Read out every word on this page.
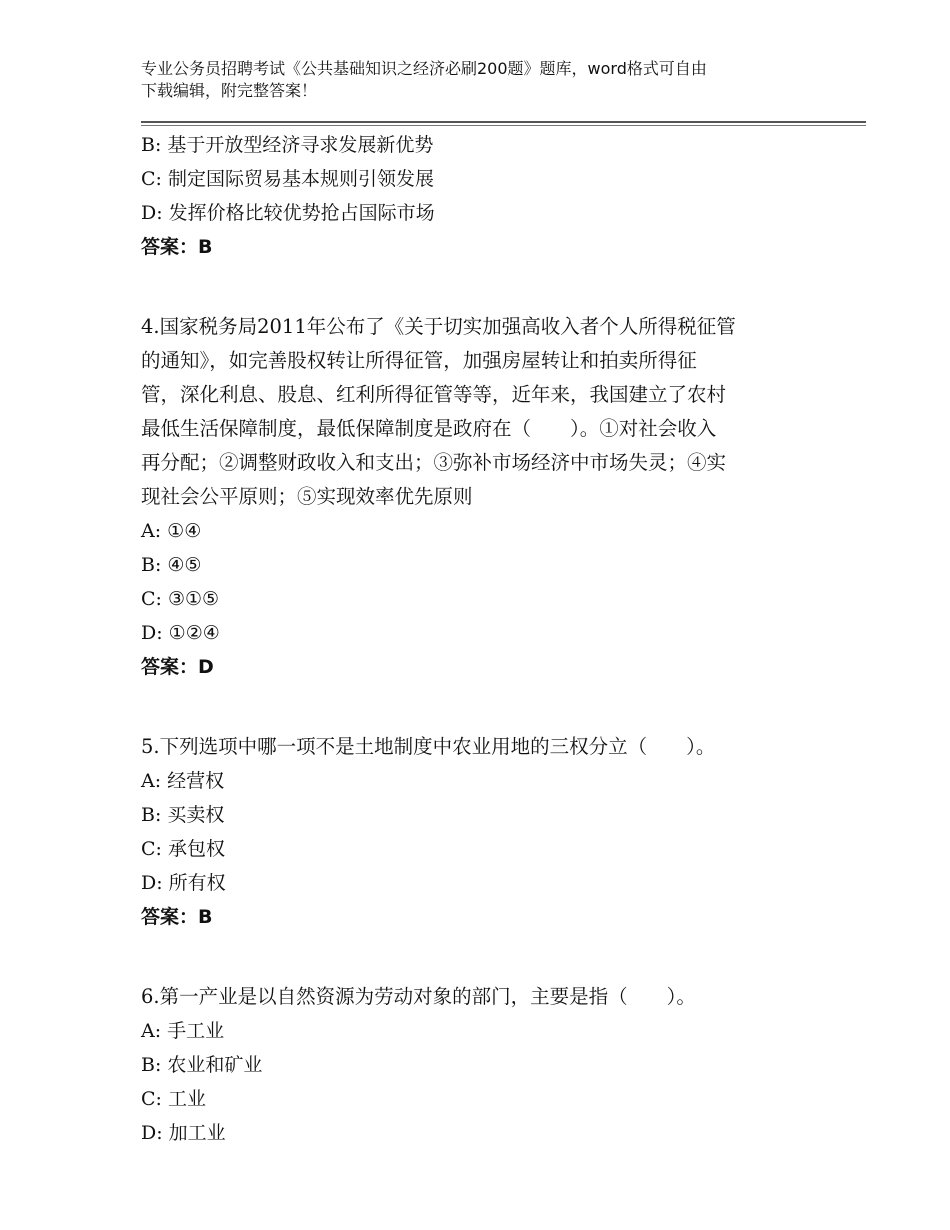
专业公务员招聘考试《公共基础知识之经济必刷200题》题库，word格式可自由
下载编辑，附完整答案！
B: 基于开放型经济寻求发展新优势
C: 制定国际贸易基本规则引领发展
D: 发挥价格比较优势抢占国际市场
答案：B
4.国家税务局2011年公布了《关于切实加强高收入者个人所得税征管
的通知》，如完善股权转让所得征管，加强房屋转让和拍卖所得征
管，深化利息、股息、红利所得征管等等，近年来，我国建立了农村
最低生活保障制度，最低保障制度是政府在（　　）。①对社会收入
再分配；②调整财政收入和支出；③弥补市场经济中市场失灵；④实
现社会公平原则；⑤实现效率优先原则
A: ①④
B: ④⑤
C: ③①⑤
D: ①②④
答案：D
5.下列选项中哪一项不是土地制度中农业用地的三权分立（　　）。
A: 经营权
B: 买卖权
C: 承包权
D: 所有权
答案：B
6.第一产业是以自然资源为劳动对象的部门，主要是指（　　）。
A: 手工业
B: 农业和矿业
C: 工业
D: 加工业
